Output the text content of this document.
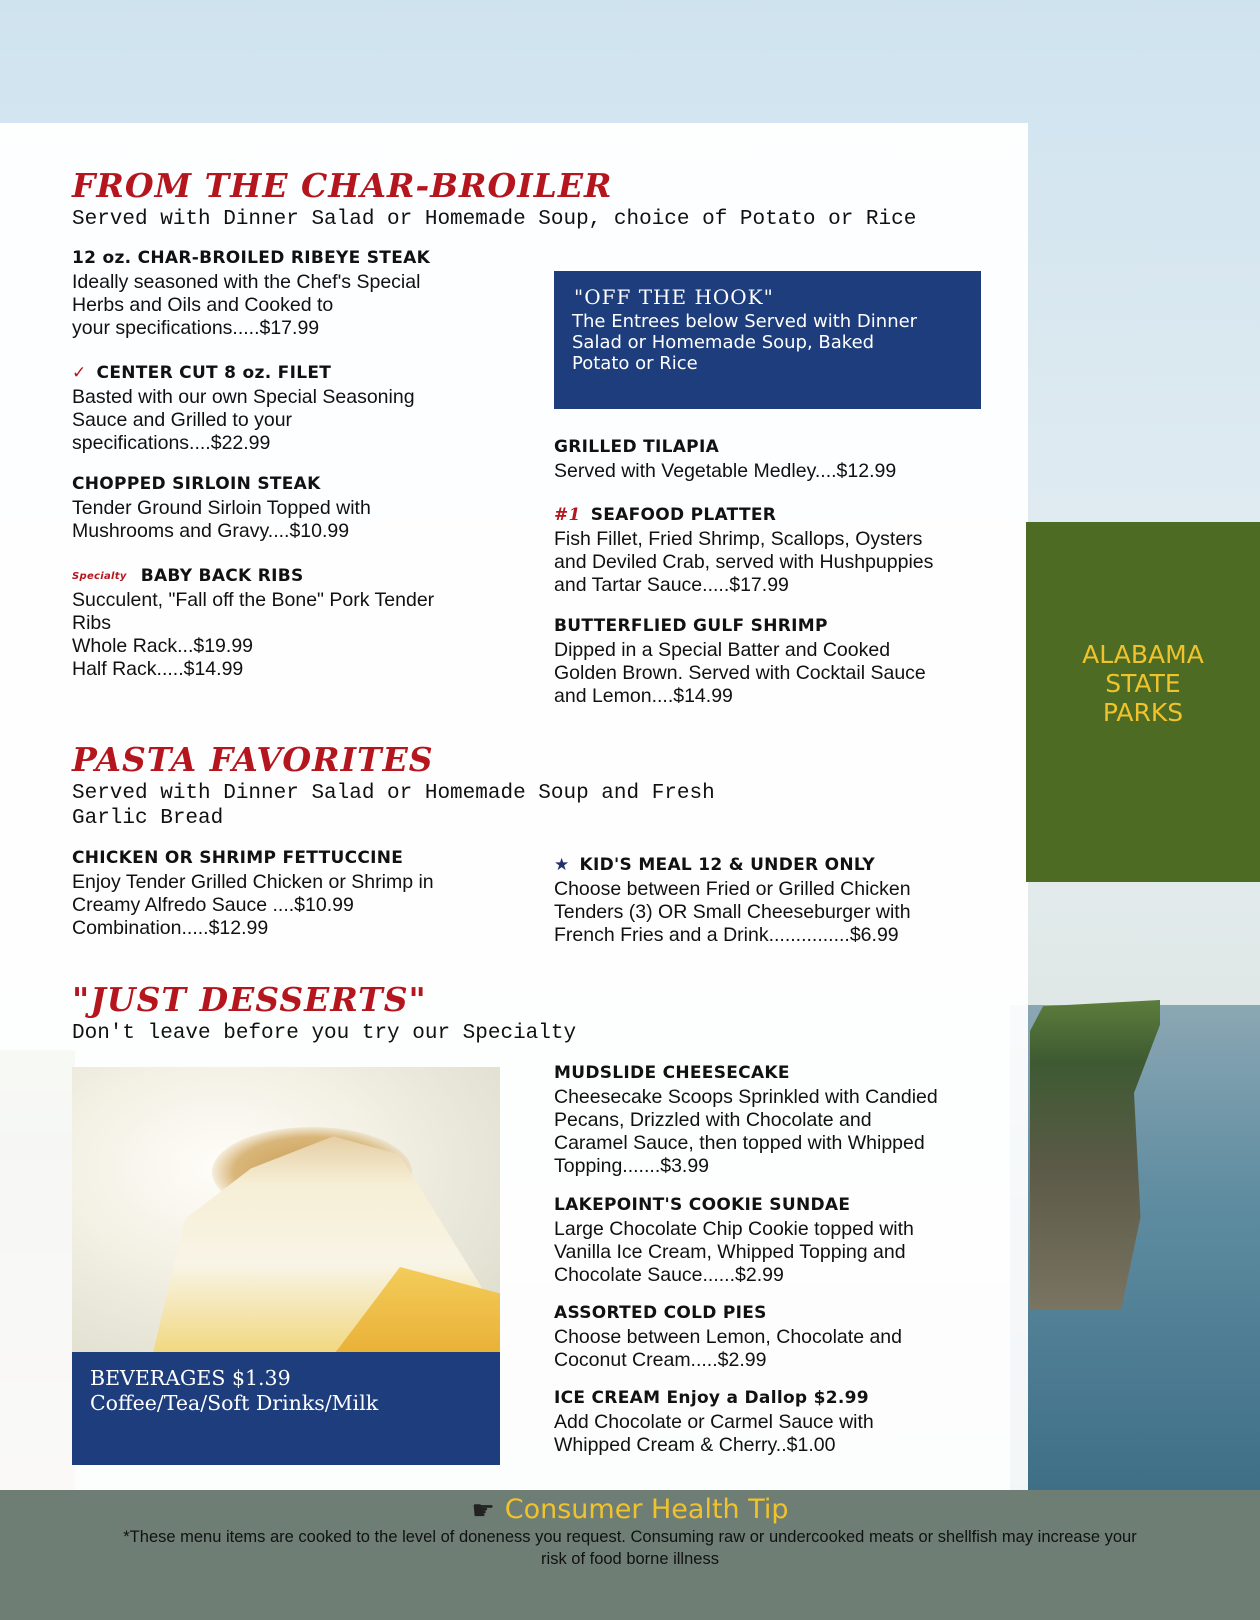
FROM THE CHAR-BROILER
Served with Dinner Salad or Homemade Soup, choice of Potato or Rice
12 oz. CHAR-BROILED RIBEYE STEAK
Ideally seasoned with the Chef's Special
Herbs and Oils and Cooked to
your specifications.....$17.99
✓ CENTER CUT 8 oz. FILET
Basted with our own Special Seasoning
Sauce and Grilled to your
specifications....$22.99
CHOPPED SIRLOIN STEAK
Tender Ground Sirloin Topped with
Mushrooms and Gravy....$10.99
Specialty BABY BACK RIBS
Succulent, "Fall off the Bone" Pork Tender
Ribs
Whole Rack...$19.99
Half Rack.....$14.99
"OFF THE HOOK"
The Entrees below Served with Dinner
Salad or Homemade Soup, Baked
Potato or Rice
GRILLED TILAPIA
Served with Vegetable Medley....$12.99
#1 SEAFOOD PLATTER
Fish Fillet, Fried Shrimp, Scallops, Oysters
and Deviled Crab, served with Hushpuppies
and Tartar Sauce.....$17.99
BUTTERFLIED GULF SHRIMP
Dipped in a Special Batter and Cooked
Golden Brown. Served with Cocktail Sauce
and Lemon....$14.99
ALABAMA
STATE
PARKS
PASTA FAVORITES
Served with Dinner Salad or Homemade Soup and Fresh
Garlic Bread
CHICKEN OR SHRIMP FETTUCCINE
Enjoy Tender Grilled Chicken or Shrimp in
Creamy Alfredo Sauce ....$10.99
Combination.....$12.99
★ KID'S MEAL 12 & UNDER ONLY
Choose between Fried or Grilled Chicken
Tenders (3) OR Small Cheeseburger with
French Fries and a Drink...............$6.99
"JUST DESSERTS"
Don't leave before you try our Specialty
BEVERAGES $1.39
Coffee/Tea/Soft Drinks/Milk
MUDSLIDE CHEESECAKE
Cheesecake Scoops Sprinkled with Candied
Pecans, Drizzled with Chocolate and
Caramel Sauce, then topped with Whipped
Topping.......$3.99
LAKEPOINT'S COOKIE SUNDAE
Large Chocolate Chip Cookie topped with
Vanilla Ice Cream, Whipped Topping and
Chocolate Sauce......$2.99
ASSORTED COLD PIES
Choose between Lemon, Chocolate and
Coconut Cream.....$2.99
ICE CREAM Enjoy a Dallop $2.99
Add Chocolate or Carmel Sauce with
Whipped Cream & Cherry..$1.00
☛ Consumer Health Tip
*These menu items are cooked to the level of doneness you request. Consuming raw or undercooked meats or shellfish may increase your
risk of food borne illness
